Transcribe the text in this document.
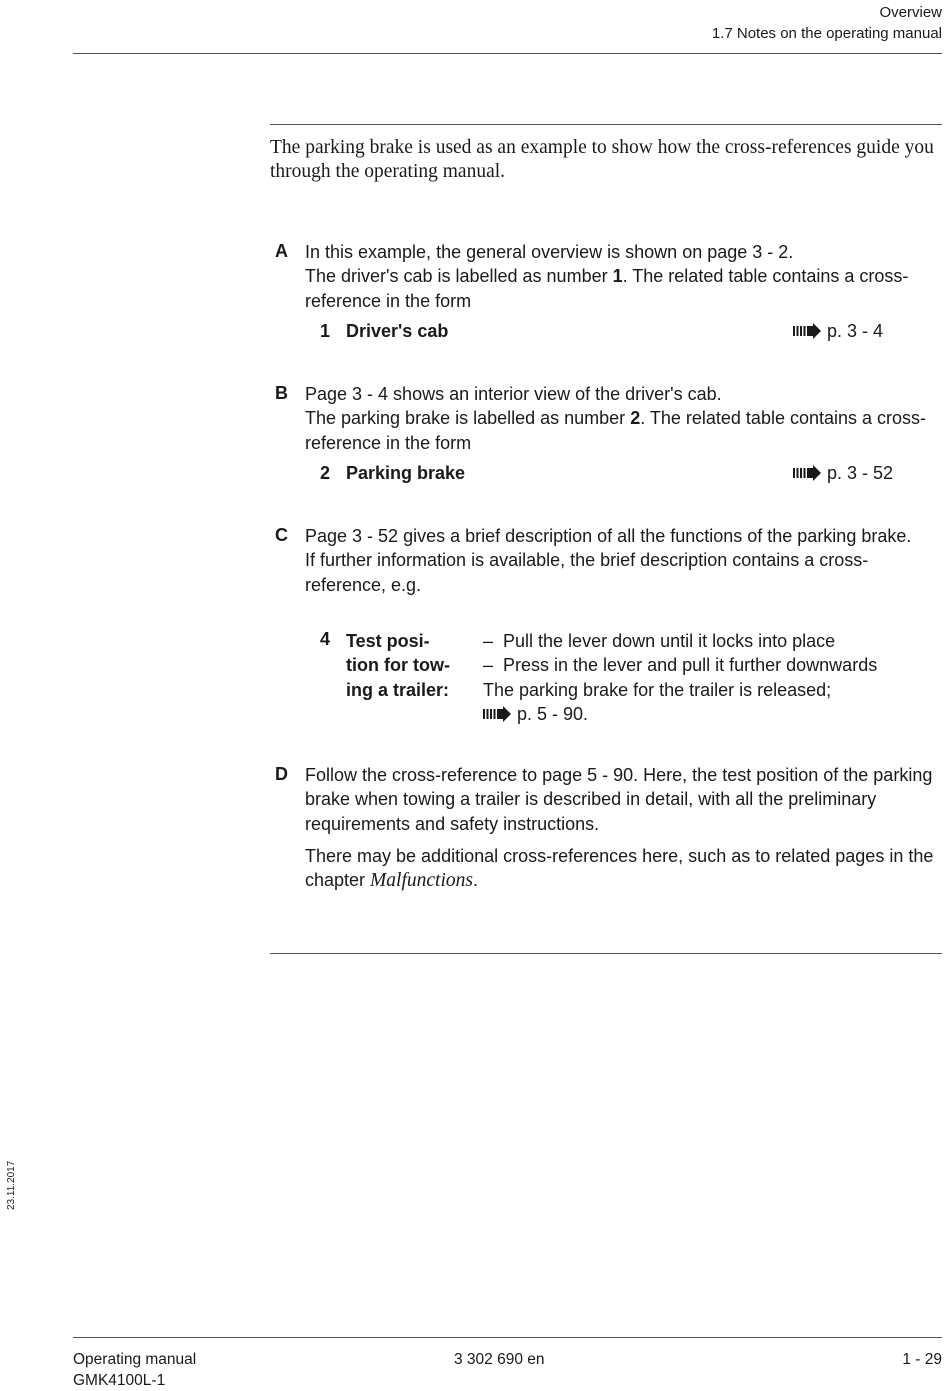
Overview
1.7 Notes on the operating manual
The parking brake is used as an example to show how the cross-references guide you through the operating manual.
A In this example, the general overview is shown on page 3 - 2.
The driver's cab is labelled as number 1. The related table contains a cross-reference in the form
1 Driver's cab	p. 3 - 4
B Page 3 - 4 shows an interior view of the driver's cab.
The parking brake is labelled as number 2. The related table contains a cross-reference in the form
2 Parking brake	p. 3 - 52
C Page 3 - 52 gives a brief description of all the functions of the parking brake.
If further information is available, the brief description contains a cross-reference, e.g.
4 Test posi-
tion for tow-
ing a trailer:
–  Pull the lever down until it locks into place
–  Press in the lever and pull it further downwards
The parking brake for the trailer is released;
p. 5 - 90.
D Follow the cross-reference to page 5 - 90. Here, the test position of the parking brake when towing a trailer is described in detail, with all the preliminary requirements and safety instructions.
There may be additional cross-references here, such as to related pages in the chapter Malfunctions.
23.11.2017
Operating manual
GMK4100L-1
3 302 690 en	1 - 29
